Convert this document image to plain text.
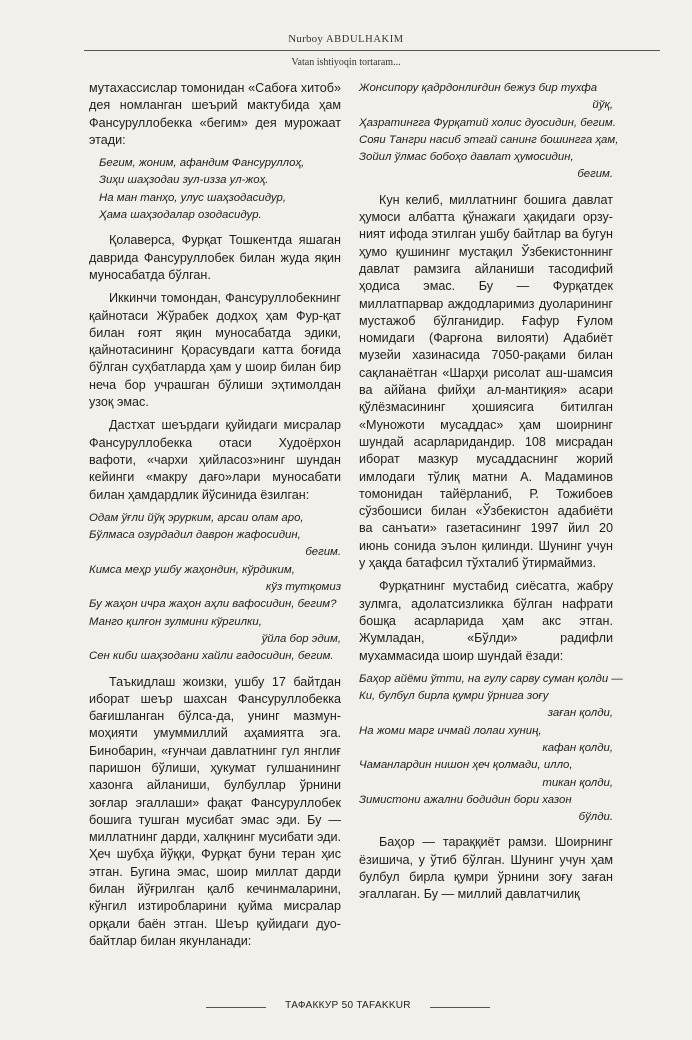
Nurboy ABDULHAKIM
Vatan ishtiyoqin tortaram...

мутахассислар томонидан «Сабоға хитоб» дея номланган шеърий мактубида ҳам Фансуруллобекка «бегим» дея мурожаат этади:

Бегим, жоним, афандим Фансуруллоҳ,
Зиҳи шаҳзодаи зул-изза ул-жоҳ.
На ман танҳо, улус шаҳзодасидур,
Ҳама шаҳзодалар озодасидур.

Қолаверса, Фурқат Тошкентда яшаган даврида Фансуруллобек билан жуда яқин муносабатда бўлган.

Иккинчи томондан, Фансуруллобекнинг қайнотаси Жўрабек додхоҳ ҳам Фур-қат билан ғоят яқин муносабатда эдики, қайнотасининг Қорасувдаги катта боғида бўлган суҳбатларда ҳам у шоир билан бир неча бор учрашган бўлиши эҳтимолдан узоқ эмас.

Дастхат шеърдаги қуйидаги мисралар Фансуруллобекка отаси Худоёрхон вафоти, «чархи ҳийласоз»нинг шундан кейинги «макру дағо»лари муносабати билан ҳамдардлик йўсинида ёзилган:

Одам ўғли йўқ эрурким, арсаи олам аро,
Бўлмаса озурдадил даврон жафосидин,
бегим.
Кимса меҳр ушбу жаҳондин, кўрдиким,
кўз тутқомиз
Бу жаҳон ичра жаҳон аҳли вафосидин, бегим?
Манго қилғон зулмини кўргилки,
ўйла бор эдим,
Сен киби шаҳзодани хайли гадосидин, бегим.

Таъкидлаш жоизки, ушбу 17 байтдан иборат шеър шахсан Фансуруллобекка бағишланган бўлса-да, унинг мазмун-моҳияти умуммиллий аҳамиятга эга. Бинобарин, «ғунчаи давлатнинг гул янглиғ паришон бўлиши, ҳукумат гулшанининг хазонга айланиши, булбуллар ўрнини зоғлар эгаллаши» фақат Фансуруллобек бошига тушган мусибат эмас эди. Бу — миллатнинг дарди, халқнинг мусибати эди. Ҳеч шубҳа йўққи, Фурқат буни теран ҳис этган. Бугина эмас, шоир миллат дарди билан йўғрилган қалб кечинмаларини, кўнгил изтиробларини қуйма мисралар орқали баён этган. Шеър қуйидаги дуо-байтлар билан якунланади:

Жонсипору қадрдонлиғдин бежуз бир тухфа
йўқ,
Ҳазратингга Фурқатий холис дуосидин, бегим.
Сояи Тангри насиб этгай санинг бошингга ҳам,
Зойил ўлмас бобоҳо давлат ҳумосидин,
бегим.

Кун келиб, миллатнинг бошига давлат ҳумоси албатта қўнажаги ҳақидаги орзу-ният ифода этилган ушбу байтлар ва бугун ҳумо қушининг мустақил Ўзбекистоннинг давлат рамзига айланиши тасодифий ҳодиса эмас. Бу — Фурқатдек миллатпарвар аждодларимиз дуоларининг мустажоб бўлганидир. Ғафур Ғулом номидаги (Фарғона вилояти) Адабиёт музейи хазинасида 7050-рақами билан сақланаётган «Шарҳи рисолат аш-шамсия ва аййана фийҳи ал-мантиқия» асари қўлёзмасининг ҳошиясига битилган «Муножоти мусаддас» ҳам шоирнинг шундай асарларидандир. 108 мисрадан иборат мазкур мусаддаснинг жорий имлодаги тўлиқ матни А. Мадаминов томонидан тайёрланиб, Р. Тожибоев сўзбошиси билан «Ўзбекистон адабиёти ва санъати» газетасининг 1997 йил 20 июнь сонида эълон қилинди. Шунинг учун у ҳақда батафсил тўхталиб ўтирмаймиз.

Фурқатнинг мустабид сиёсатга, жабру зулмга, адолатсизликка бўлган нафрати бошқа асарларида ҳам акс этган. Жумладан, «Бўлди» радифли мухаммасида шоир шундай ёзади:

Баҳор айёми ўтти, на гулу сарву суман қолди —
Ки, булбул бирла қумри ўрнига зоғу
заған қолди,
На жоми марг ичмай лолаи хуниң,
кафан қолди,
Чаманлардин нишон ҳеч қолмади, илло,
тикан қолди,
Зимистони ажални бодидин бори хазон
бўлди.

Баҳор — тараққиёт рамзи. Шоирнинг ёзишича, у ўтиб бўлган. Шунинг учун ҳам булбул бирла қумри ўрнини зоғу заған эгаллаган. Бу — миллий давлатчилиқ

ТАФАККУР 50 TAFAKKUR
